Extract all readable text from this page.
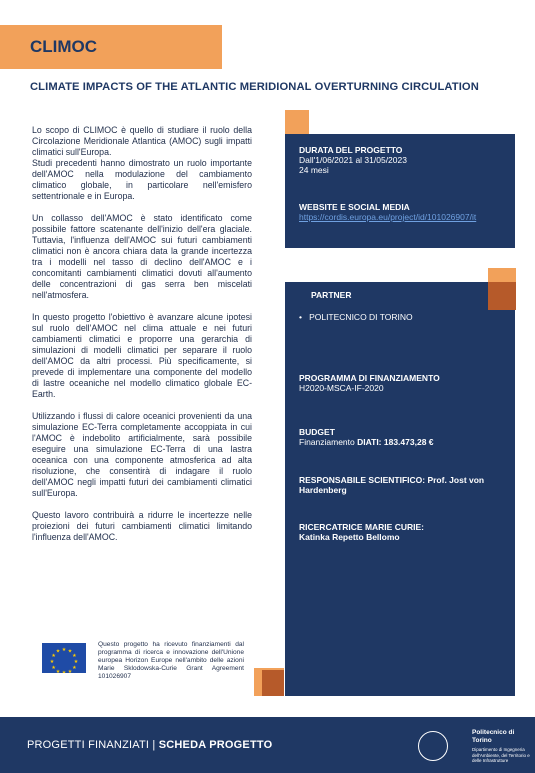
CLIMOC
CLIMATE IMPACTS OF THE ATLANTIC MERIDIONAL OVERTURNING CIRCULATION

Lo scopo di CLIMOC è quello di studiare il ruolo della Circolazione Meridionale Atlantica (AMOC) sugli impatti climatici sull'Europa.

Studi precedenti hanno dimostrato un ruolo importante dell'AMOC nella modulazione del cambiamento climatico globale, in particolare nell'emisfero settentrionale e in Europa.

Un collasso dell'AMOC è stato identificato come possibile fattore scatenante dell'inizio dell'era glaciale. Tuttavia, l'influenza dell'AMOC sui futuri cambiamenti climatici non è ancora chiara data la grande incertezza tra i modelli nel tasso di declino dell'AMOC e i concomitanti cambiamenti climatici dovuti all'aumento delle concentrazioni di gas serra ben miscelati nell'atmosfera.

In questo progetto l'obiettivo è avanzare alcune ipotesi sul ruolo dell'AMOC nel clima attuale e nei futuri cambiamenti climatici e proporre una gerarchia di simulazioni di modelli climatici per separare il ruolo dell'AMOC da altri processi. Più specificamente, si prevede di implementare una componente del modello di lastre oceaniche nel modello climatico globale EC-Earth.

Utilizzando i flussi di calore oceanici provenienti da una simulazione EC-Terra completamente accoppiata in cui l'AMOC è indebolito artificialmente, sarà possibile eseguire una simulazione EC-Terra di una lastra oceanica con una componente atmosferica ad alta risoluzione, che consentirà di indagare il ruolo dell'AMOC negli impatti futuri dei cambiamenti climatici sull'Europa.

Questo lavoro contribuirà a ridurre le incertezze nelle proiezioni dei futuri cambiamenti climatici limitando l'influenza dell'AMOC.

DURATA DEL PROGETTO
Dall'1/06/2021 al 31/05/2023
24 mesi
WEBSITE E SOCIAL MEDIA
https://cordis.europa.eu/project/id/101026907/it
PARTNER
•   POLITECNICO DI TORINO
PROGRAMMA DI FINANZIAMENTO
H2020-MSCA-IF-2020
BUDGET
Finanziamento DIATI: 183.473,28 €
RESPONSABILE SCIENTIFICO: Prof. Jost von Hardenberg
RICERCATRICE MARIE CURIE:
Katinka Repetto Bellomo
★ ★
★
★
★
★
★
★
★
★
★
★
Questo progetto ha ricevuto finanziamenti dal programma di ricerca e innovazione dell'Unione europea Horizon Europe nell'ambito delle azioni Marie Sklodowska-Curie Grant Agreement 101026907
PROGETTI FINANZIATI | SCHEDA PROGETTO
Politecnico di Torino
Dipartimento di Ingegneria dell'Ambiente, del Territorio e delle Infrastrutture
